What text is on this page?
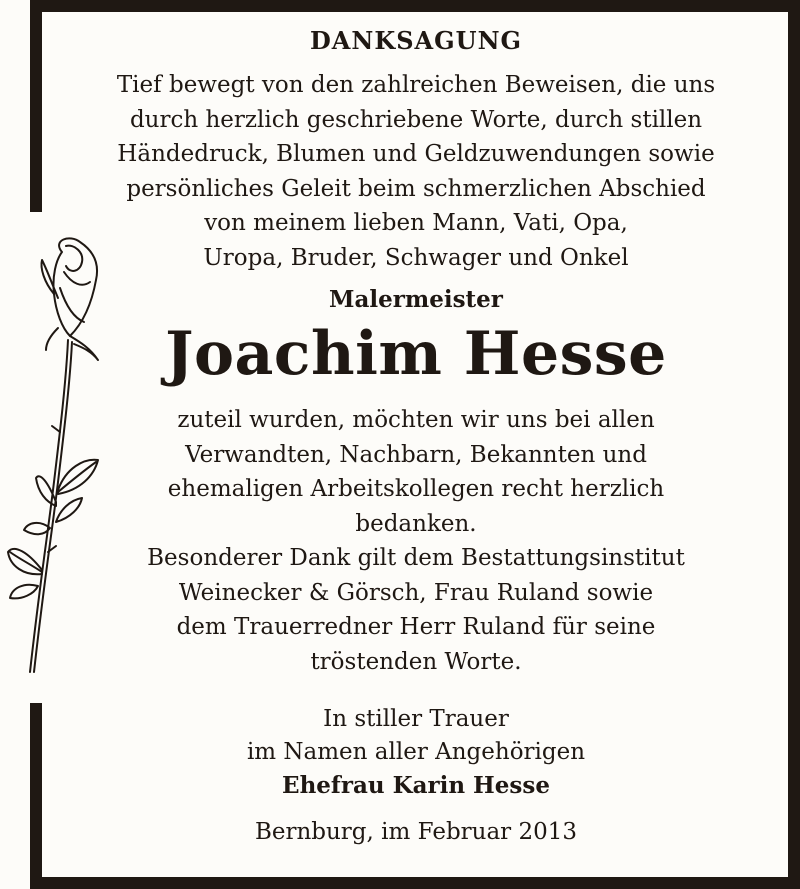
DANKSAGUNG
Tief bewegt von den zahlreichen Beweisen, die uns
durch herzlich geschriebene Worte, durch stillen
Händedruck, Blumen und Geldzuwendungen sowie
persönliches Geleit beim schmerzlichen Abschied
von meinem lieben Mann, Vati, Opa,
Uropa, Bruder, Schwager und Onkel
Malermeister
Joachim Hesse
zuteil wurden, möchten wir uns bei allen
Verwandten, Nachbarn, Bekannten und
ehemaligen Arbeitskollegen recht herzlich
bedanken.
Besonderer Dank gilt dem Bestattungsinstitut
Weinecker & Görsch, Frau Ruland sowie
dem Trauerredner Herr Ruland für seine
tröstenden Worte.
In stiller Trauer
im Namen aller Angehörigen
Ehefrau Karin Hesse
Bernburg, im Februar 2013
